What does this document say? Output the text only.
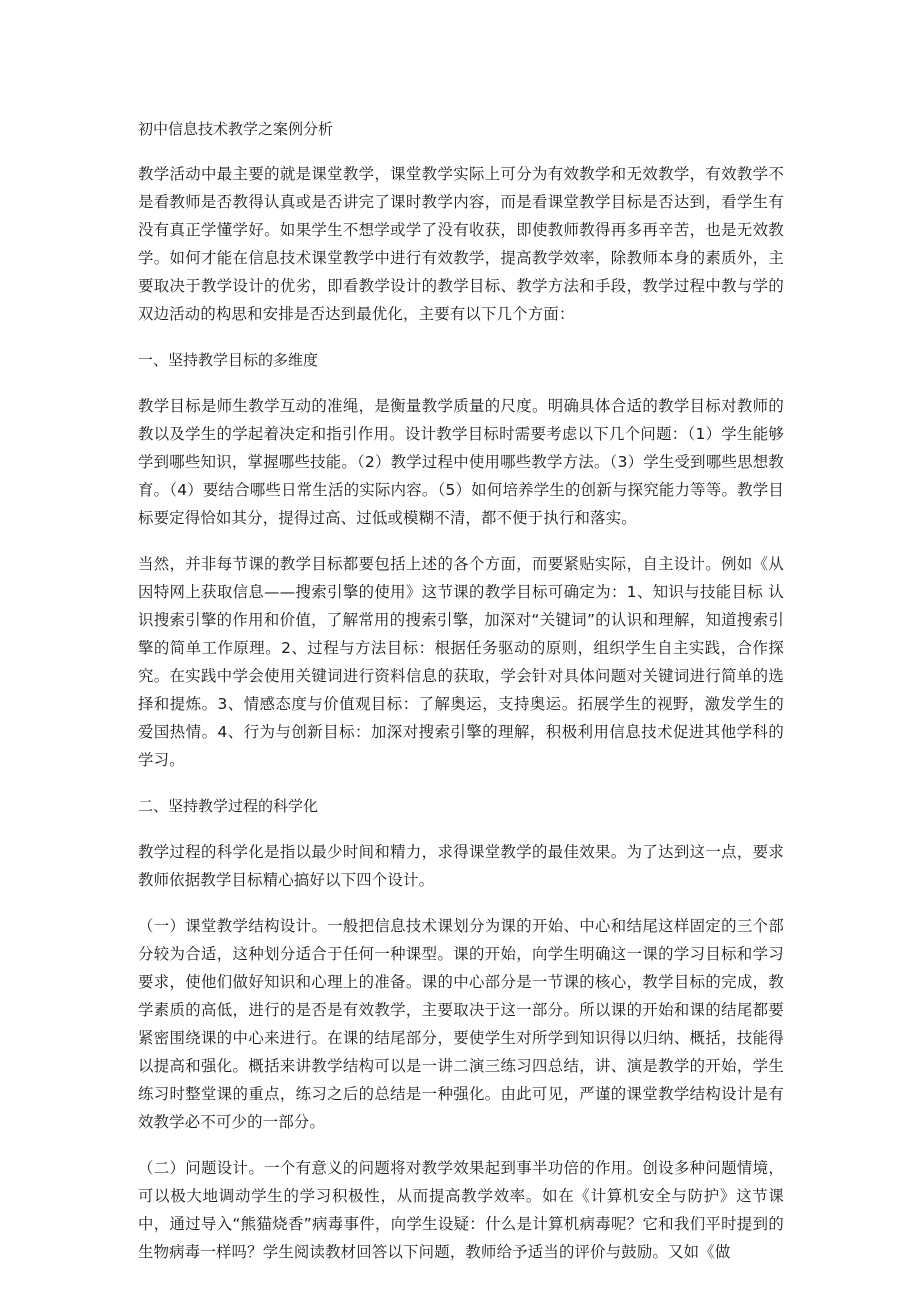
初中信息技术教学之案例分析

教学活动中最主要的就是课堂教学，课堂教学实际上可分为有效教学和无效教学，有效教学不是看教师是否教得认真或是否讲完了课时教学内容，而是看课堂教学目标是否达到，看学生有没有真正学懂学好。如果学生不想学或学了没有收获，即使教师教得再多再辛苦，也是无效教学。如何才能在信息技术课堂教学中进行有效教学，提高教学效率，除教师本身的素质外，主要取决于教学设计的优劣，即看教学设计的教学目标、教学方法和手段，教学过程中教与学的双边活动的构思和安排是否达到最优化，主要有以下几个方面：

一、坚持教学目标的多维度

教学目标是师生教学互动的准绳，是衡量教学质量的尺度。明确具体合适的教学目标对教师的教以及学生的学起着决定和指引作用。设计教学目标时需要考虑以下几个问题：（1）学生能够学到哪些知识，掌握哪些技能。（2）教学过程中使用哪些教学方法。（3）学生受到哪些思想教育。（4）要结合哪些日常生活的实际内容。（5）如何培养学生的创新与探究能力等等。教学目标要定得恰如其分，提得过高、过低或模糊不清，都不便于执行和落实。

当然，并非每节课的教学目标都要包括上述的各个方面，而要紧贴实际，自主设计。例如《从因特网上获取信息——搜索引擎的使用》这节课的教学目标可确定为：1、知识与技能目标 认识搜索引擎的作用和价值，了解常用的搜索引擎，加深对“关键词”的认识和理解，知道搜索引擎的简单工作原理。2、过程与方法目标：根据任务驱动的原则，组织学生自主实践，合作探究。在实践中学会使用关键词进行资料信息的获取，学会针对具体问题对关键词进行简单的选择和提炼。3、情感态度与价值观目标：了解奥运，支持奥运。拓展学生的视野，激发学生的爱国热情。4、行为与创新目标：加深对搜索引擎的理解，积极利用信息技术促进其他学科的学习。

二、坚持教学过程的科学化

教学过程的科学化是指以最少时间和精力，求得课堂教学的最佳效果。为了达到这一点，要求教师依据教学目标精心搞好以下四个设计。

（一）课堂教学结构设计。一般把信息技术课划分为课的开始、中心和结尾这样固定的三个部分较为合适，这种划分适合于任何一种课型。课的开始，向学生明确这一课的学习目标和学习要求，使他们做好知识和心理上的准备。课的中心部分是一节课的核心，教学目标的完成，教学素质的高低，进行的是否是有效教学，主要取决于这一部分。所以课的开始和课的结尾都要紧密围绕课的中心来进行。在课的结尾部分，要使学生对所学到知识得以归纳、概括，技能得以提高和强化。概括来讲教学结构可以是一讲二演三练习四总结，讲、演是教学的开始，学生练习时整堂课的重点，练习之后的总结是一种强化。由此可见，严谨的课堂教学结构设计是有效教学必不可少的一部分。

（二）问题设计。一个有意义的问题将对教学效果起到事半功倍的作用。创设多种问题情境，可以极大地调动学生的学习积极性，从而提高教学效率。如在《计算机安全与防护》这节课中，通过导入“熊猫烧香”病毒事件，向学生设疑：什么是计算机病毒呢？它和我们平时提到的生物病毒一样吗？学生阅读教材回答以下问题，教师给予适当的评价与鼓励。又如《做
